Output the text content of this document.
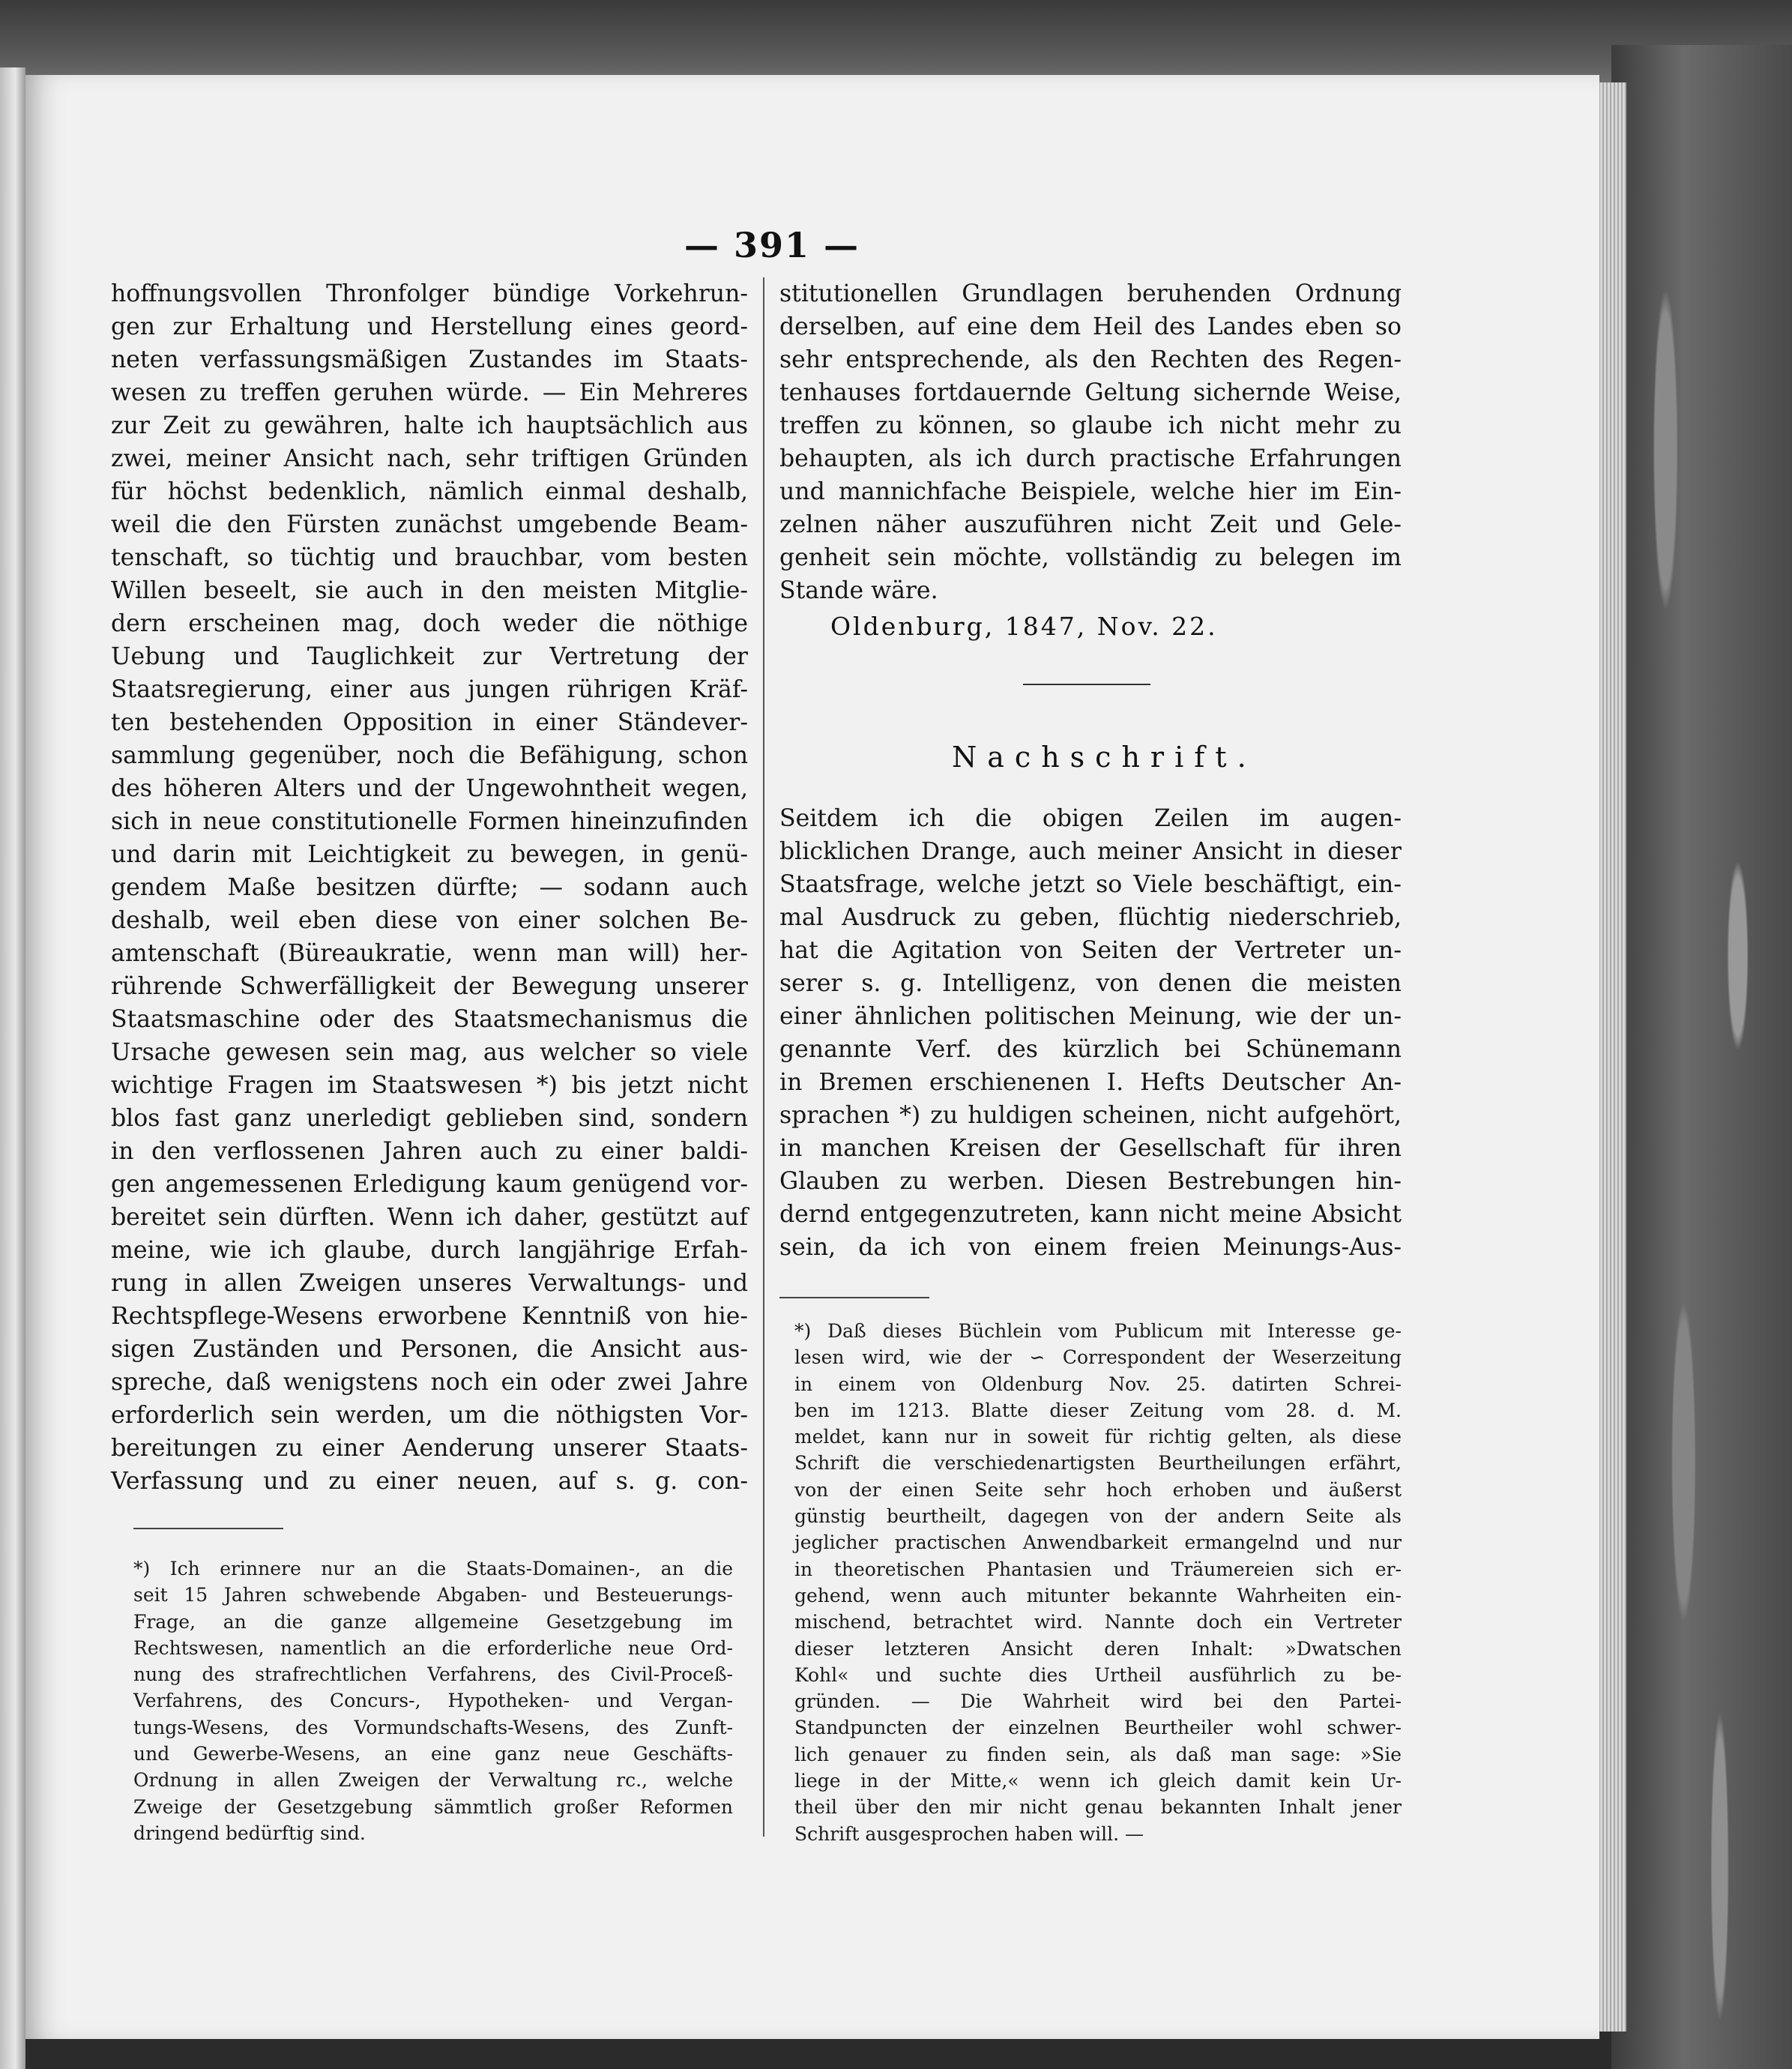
— 391 —

hoffnungsvollen Thronfolger bündige Vorkehrun-

gen zur Erhaltung und Herstellung eines geord-

neten verfassungsmäßigen Zustandes im Staats-

wesen zu treffen geruhen würde. — Ein Mehreres

zur Zeit zu gewähren, halte ich hauptsächlich aus

zwei, meiner Ansicht nach, sehr triftigen Gründen

für höchst bedenklich, nämlich einmal deshalb,

weil die den Fürsten zunächst umgebende Beam-

tenschaft, so tüchtig und brauchbar, vom besten

Willen beseelt, sie auch in den meisten Mitglie-

dern erscheinen mag, doch weder die nöthige

Uebung und Tauglichkeit zur Vertretung der

Staatsregierung, einer aus jungen rührigen Kräf-

ten bestehenden Opposition in einer Ständever-

sammlung gegenüber, noch die Befähigung, schon

des höheren Alters und der Ungewohntheit wegen,

sich in neue constitutionelle Formen hineinzufinden

und darin mit Leichtigkeit zu bewegen, in genü-

gendem Maße besitzen dürfte; — sodann auch

deshalb, weil eben diese von einer solchen Be-

amtenschaft (Büreaukratie, wenn man will) her-

rührende Schwerfälligkeit der Bewegung unserer

Staatsmaschine oder des Staatsmechanismus die

Ursache gewesen sein mag, aus welcher so viele

wichtige Fragen im Staatswesen *) bis jetzt nicht

blos fast ganz unerledigt geblieben sind, sondern

in den verflossenen Jahren auch zu einer baldi-

gen angemessenen Erledigung kaum genügend vor-

bereitet sein dürften. Wenn ich daher, gestützt auf

meine, wie ich glaube, durch langjährige Erfah-

rung in allen Zweigen unseres Verwaltungs- und

Rechtspflege-Wesens erworbene Kenntniß von hie-

sigen Zuständen und Personen, die Ansicht aus-

spreche, daß wenigstens noch ein oder zwei Jahre

erforderlich sein werden, um die nöthigsten Vor-

bereitungen zu einer Aenderung unserer Staats-

Verfassung und zu einer neuen, auf s. g. con-

stitutionellen Grundlagen beruhenden Ordnung

derselben, auf eine dem Heil des Landes eben so

sehr entsprechende, als den Rechten des Regen-

tenhauses fortdauernde Geltung sichernde Weise,

treffen zu können, so glaube ich nicht mehr zu

behaupten, als ich durch practische Erfahrungen

und mannichfache Beispiele, welche hier im Ein-

zelnen näher auszuführen nicht Zeit und Gele-

genheit sein möchte, vollständig zu belegen im

Stande wäre.

Oldenburg, 1847, Nov. 22.
Nachschrift.

Seitdem ich die obigen Zeilen im augen-

blicklichen Drange, auch meiner Ansicht in dieser

Staatsfrage, welche jetzt so Viele beschäftigt, ein-

mal Ausdruck zu geben, flüchtig niederschrieb,

hat die Agitation von Seiten der Vertreter un-

serer s. g. Intelligenz, von denen die meisten

einer ähnlichen politischen Meinung, wie der un-

genannte Verf. des kürzlich bei Schünemann

in Bremen erschienenen I. Hefts Deutscher An-

sprachen *) zu huldigen scheinen, nicht aufgehört,

in manchen Kreisen der Gesellschaft für ihren

Glauben zu werben. Diesen Bestrebungen hin-

dernd entgegenzutreten, kann nicht meine Absicht

sein, da ich von einem freien Meinungs-Aus-

*) Ich erinnere nur an die Staats-Domainen-, an die

seit 15 Jahren schwebende Abgaben- und Besteuerungs-

Frage, an die ganze allgemeine Gesetzgebung im

Rechtswesen, namentlich an die erforderliche neue Ord-

nung des strafrechtlichen Verfahrens, des Civil-Proceß-

Verfahrens, des Concurs-, Hypotheken- und Vergan-

tungs-Wesens, des Vormundschafts-Wesens, des Zunft-

und Gewerbe-Wesens, an eine ganz neue Geschäfts-

Ordnung in allen Zweigen der Verwaltung rc., welche

Zweige der Gesetzgebung sämmtlich großer Reformen

dringend bedürftig sind.

*) Daß dieses Büchlein vom Publicum mit Interesse ge-

lesen wird, wie der ∽ Correspondent der Weserzeitung

in einem von Oldenburg Nov. 25. datirten Schrei-

ben im 1213. Blatte dieser Zeitung vom 28. d. M.

meldet, kann nur in soweit für richtig gelten, als diese

Schrift die verschiedenartigsten Beurtheilungen erfährt,

von der einen Seite sehr hoch erhoben und äußerst

günstig beurtheilt, dagegen von der andern Seite als

jeglicher practischen Anwendbarkeit ermangelnd und nur

in theoretischen Phantasien und Träumereien sich er-

gehend, wenn auch mitunter bekannte Wahrheiten ein-

mischend, betrachtet wird. Nannte doch ein Vertreter

dieser letzteren Ansicht deren Inhalt: »Dwatschen

Kohl« und suchte dies Urtheil ausführlich zu be-

gründen. — Die Wahrheit wird bei den Partei-

Standpuncten der einzelnen Beurtheiler wohl schwer-

lich genauer zu finden sein, als daß man sage: »Sie

liege in der Mitte,« wenn ich gleich damit kein Ur-

theil über den mir nicht genau bekannten Inhalt jener

Schrift ausgesprochen haben will. —
